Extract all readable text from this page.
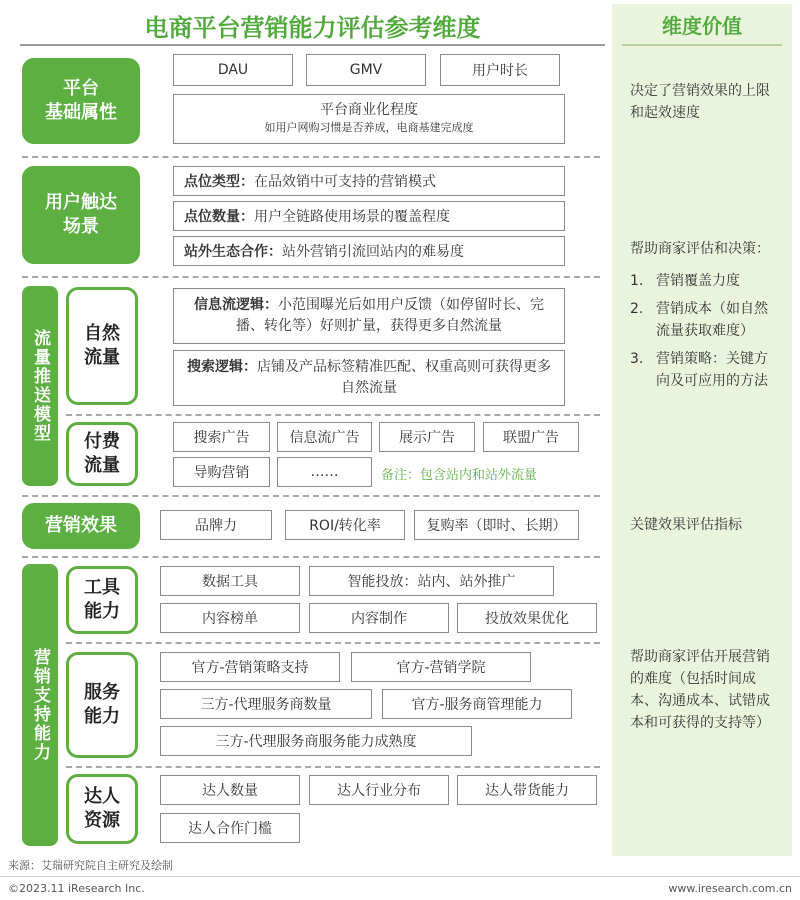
电商平台营销能力评估参考维度	维度价值
平台
基础属性
DAU	GMV	用户时长
平台商业化程度
如用户网购习惯是否养成，电商基建完成度
决定了营销效果的上限和起效速度
用户触达
场景
点位类型： 在品效销中可支持的营销模式
点位数量： 用户全链路使用场景的覆盖程度
站外生态合作： 站外营销引流回站内的难易度
流量推送模型	自然
流量
信息流逻辑：小范围曝光后如用户反馈（如停留时长、完播、转化等）好则扩量，获得更多自然流量
搜索逻辑：店铺及产品标签精准匹配、权重高则可获得更多自然流量
付费
流量
搜索广告	信息流广告	展示广告	联盟广告
导购营销	……	备注：包含站内和站外流量
帮助商家评估和决策：
1. 营销覆盖力度
2. 营销成本（如自然流量获取难度）
3. 营销策略：关键方向及可应用的方法
营销效果	品牌力	ROI/转化率	复购率（即时、长期）	关键效果评估指标
营销支持能力
工具
能力
数据工具	智能投放：站内、站外推广
内容榜单	内容制作	投放效果优化
服务
能力
官方-营销策略支持	官方-营销学院
三方-代理服务商数量	官方-服务商管理能力
三方-代理服务商服务能力成熟度
达人
资源
达人数量	达人行业分布	达人带货能力
达人合作门槛
帮助商家评估开展营销的难度（包括时间成本、沟通成本、试错成本和可获得的支持等）
来源：艾瑞研究院自主研究及绘制
©2023.11 iResearch Inc.	www.iresearch.com.cn
